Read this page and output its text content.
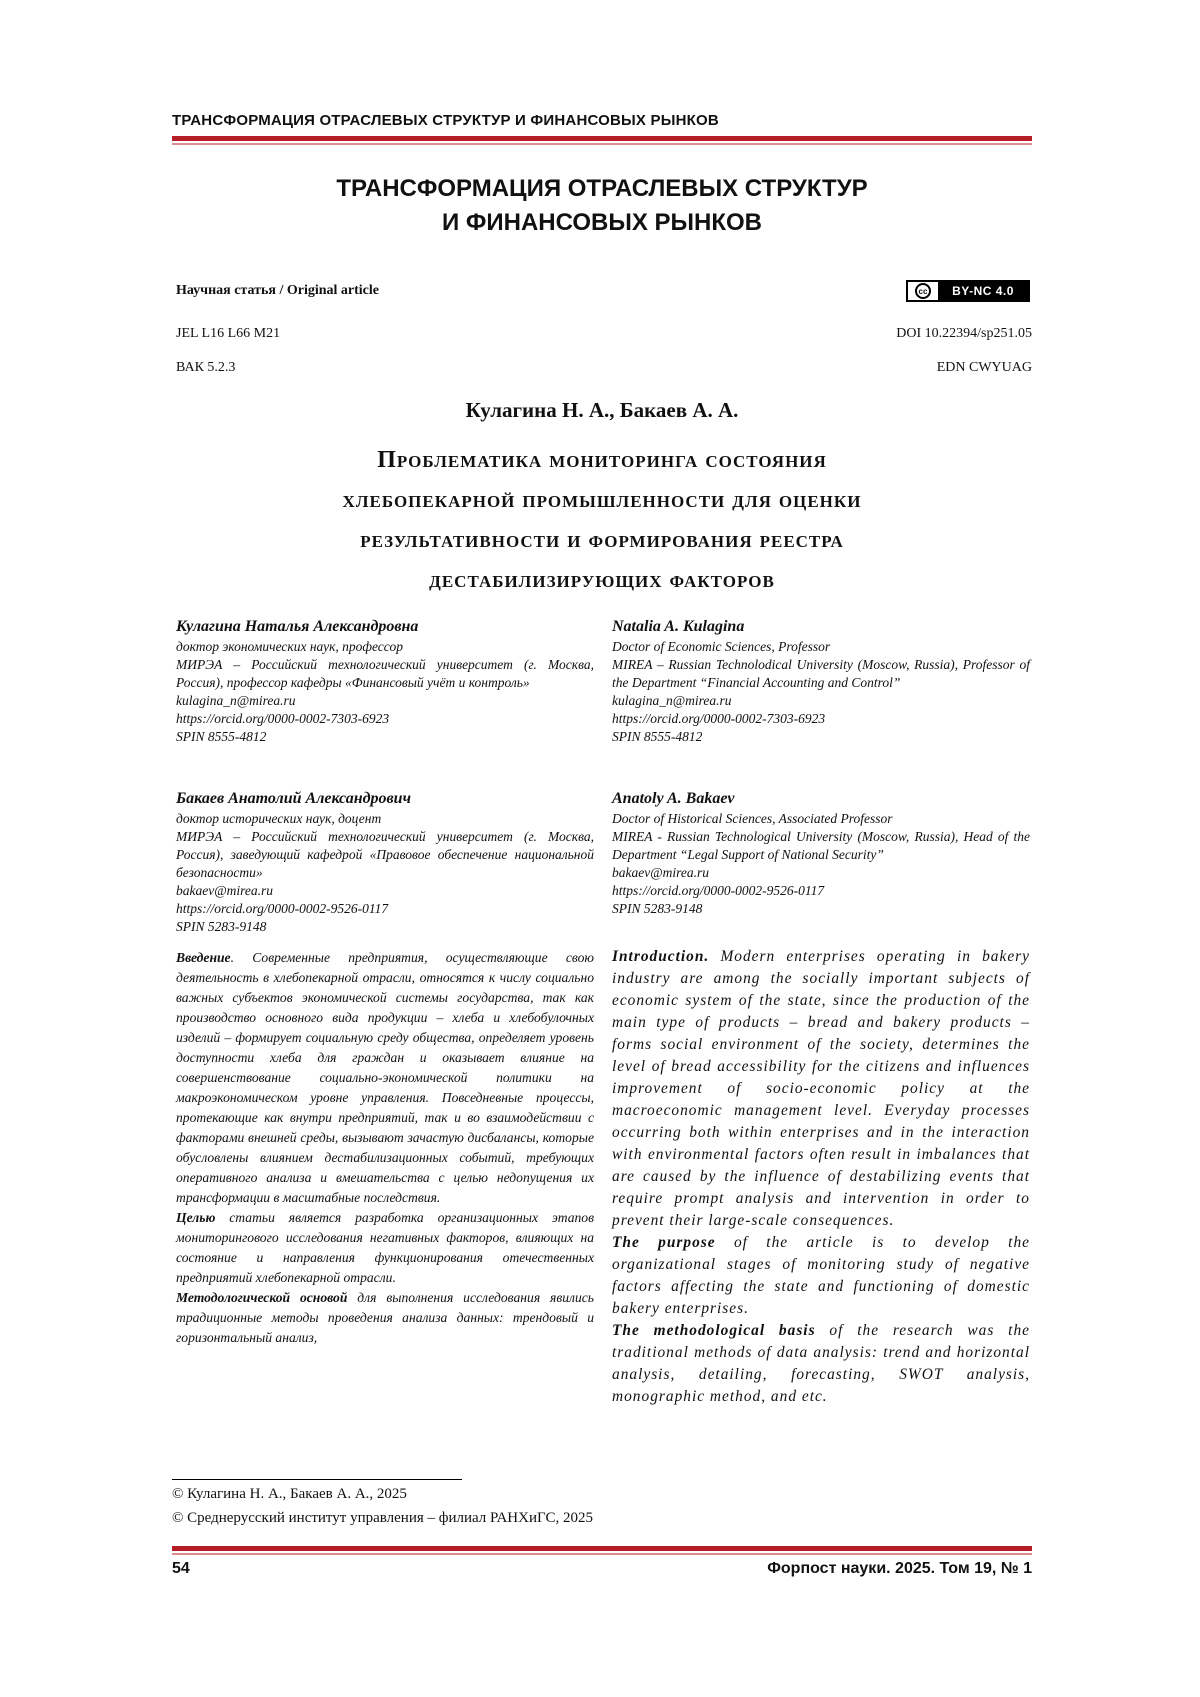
ТРАНСФОРМАЦИЯ ОТРАСЛЕВЫХ СТРУКТУР И ФИНАНСОВЫХ РЫНКОВ
ТРАНСФОРМАЦИЯ ОТРАСЛЕВЫХ СТРУКТУР
И ФИНАНСОВЫХ РЫНКОВ
Научная статья / Original article	cc	BY-NC 4.0
JEL L16 L66 M21	DOI 10.22394/sp251.05
ВАК 5.2.3	EDN CWYUAG
Кулагина Н. А., Бакаев А. А.
Проблематика мониторинга состояния
хлебопекарной промышленности для оценки
результативности и формирования реестра
дестабилизирующих факторов
Кулагина Наталья Александровна
доктор экономических наук, профессор
МИРЭА – Российский технологический университет (г. Москва, Россия), профессор кафедры «Финансовый учёт и контроль»
kulagina_n@mirea.ru
https://orcid.org/0000-0002-7303-6923
SPIN 8555-4812
Natalia A. Kulagina
Doctor of Economic Sciences, Professor
MIREA – Russian Technolodical University (Moscow, Russia), Professor of the Department “Financial Accounting and Control”
kulagina_n@mirea.ru
https://orcid.org/0000-0002-7303-6923
SPIN 8555-4812
Бакаев Анатолий Александрович
доктор исторических наук, доцент
МИРЭА – Российский технологический университет (г. Москва, Россия), заведующий кафедрой «Правовое обеспечение национальной безопасности»
bakaev@mirea.ru
https://orcid.org/0000-0002-9526-0117
SPIN 5283-9148
Anatoly A. Bakaev
Doctor of Historical Sciences, Associated Professor
MIREA - Russian Technological University (Moscow, Russia), Head of the Department “Legal Support of National Security”
bakaev@mirea.ru
https://orcid.org/0000-0002-9526-0117
SPIN 5283-9148

Введение. Современные предприятия, осуществляющие свою деятельность в хлебопекарной отрасли, относятся к числу социально важных субъектов экономической системы государства, так как производство основного вида продукции – хлеба и хлебобулочных изделий – формирует социальную среду общества, определяет уровень доступности хлеба для граждан и оказывает влияние на совершенствование социально-экономической политики на макроэкономическом уровне управления. Повседневные процессы, протекающие как внутри предприятий, так и во взаимодействии с факторами внешней среды, вызывают зачастую дисбалансы, которые обусловлены влиянием дестабилизационных событий, требующих оперативного анализа и вмешательства с целью недопущения их трансформации в масштабные последствия.

Целью статьи является разработка организационных этапов мониторингового исследования негативных факторов, влияющих на состояние и направления функционирования отечественных предприятий хлебопекарной отрасли.

Методологической основой для выполнения исследования явились традиционные методы проведения анализа данных: трендовый и горизонтальный анализ,

Introduction. Modern enterprises operating in bakery industry are among the socially important subjects of economic system of the state, since the production of the main type of products – bread and bakery products – forms social environment of the society, determines the level of bread accessibility for the citizens and influences improvement of socio-economic policy at the macroeconomic management level. Everyday processes occurring both within enterprises and in the interaction with environmental factors often result in imbalances that are caused by the influence of destabilizing events that require prompt analysis and intervention in order to prevent their large-scale consequences.

The purpose of the article is to develop the organizational stages of monitoring study of negative factors affecting the state and functioning of domestic bakery enterprises.

The methodological basis of the research was the traditional methods of data analysis: trend and horizontal analysis, detailing, forecasting, SWOT analysis, monographic method, and etc.

© Кулагина Н. А., Бакаев А. А., 2025
© Среднерусский институт управления – филиал РАНХиГС, 2025
54	Форпост науки. 2025. Том 19, № 1
